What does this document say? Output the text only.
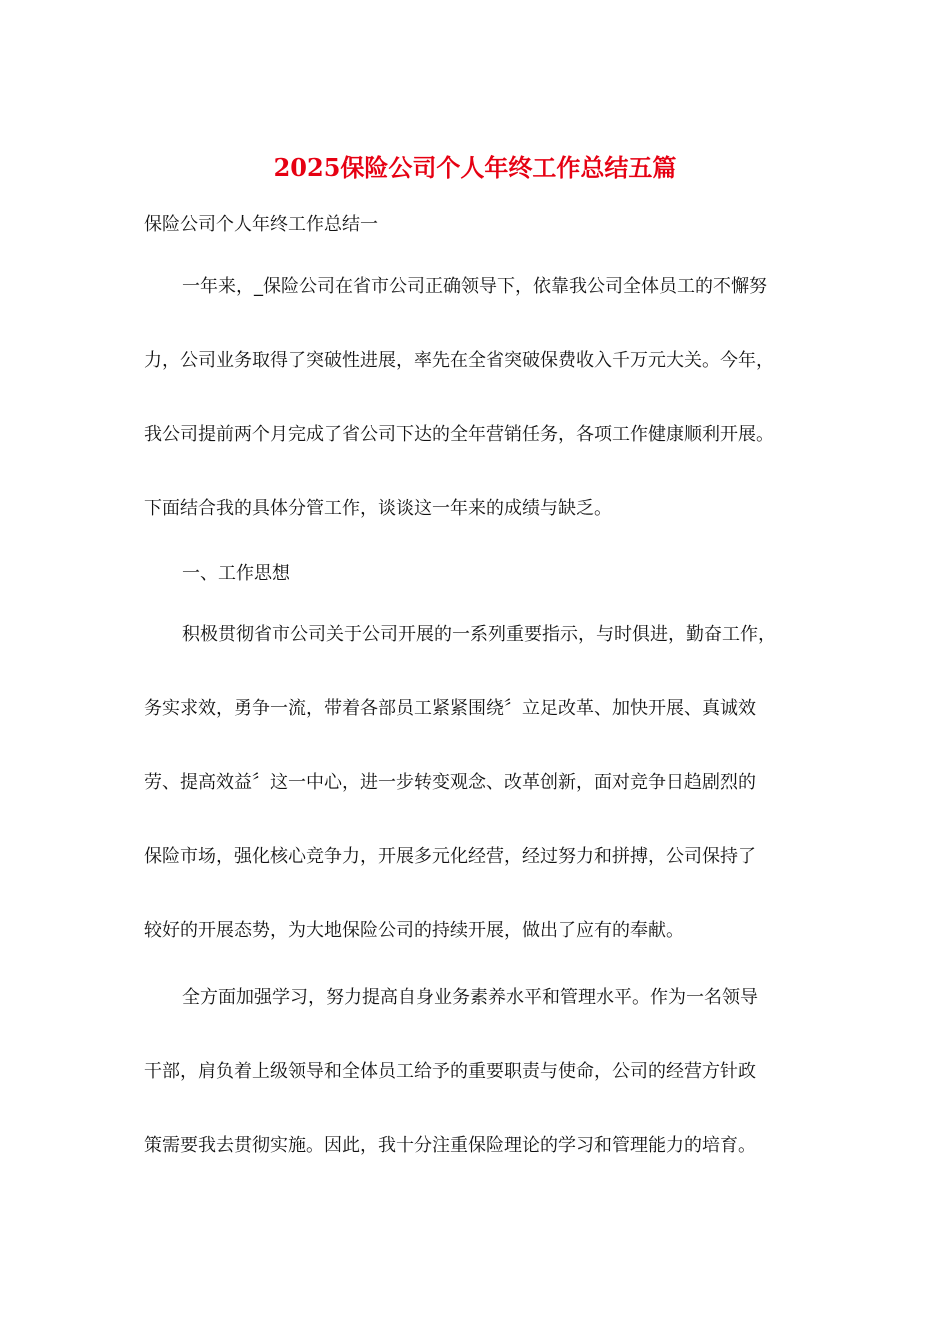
2025保险公司个人年终工作总结五篇
保险公司个人年终工作总结一
一年来，_保险公司在省市公司正确领导下，依靠我公司全体员工的不懈努
力，公司业务取得了突破性进展，率先在全省突破保费收入千万元大关。今年，
我公司提前两个月完成了省公司下达的全年营销任务，各项工作健康顺利开展。
下面结合我的具体分管工作，谈谈这一年来的成绩与缺乏。
一、工作思想
积极贯彻省市公司关于公司开展的一系列重要指示，与时俱进，勤奋工作，
务实求效，勇争一流，带着各部员工紧紧围绕〞立足改革、加快开展、真诚效
劳、提高效益〞这一中心，进一步转变观念、改革创新，面对竞争日趋剧烈的
保险市场，强化核心竞争力，开展多元化经营，经过努力和拼搏，公司保持了
较好的开展态势，为大地保险公司的持续开展，做出了应有的奉献。
全方面加强学习，努力提高自身业务素养水平和管理水平。作为一名领导
干部，肩负着上级领导和全体员工给予的重要职责与使命，公司的经营方针政
策需要我去贯彻实施。因此，我十分注重保险理论的学习和管理能力的培育。
